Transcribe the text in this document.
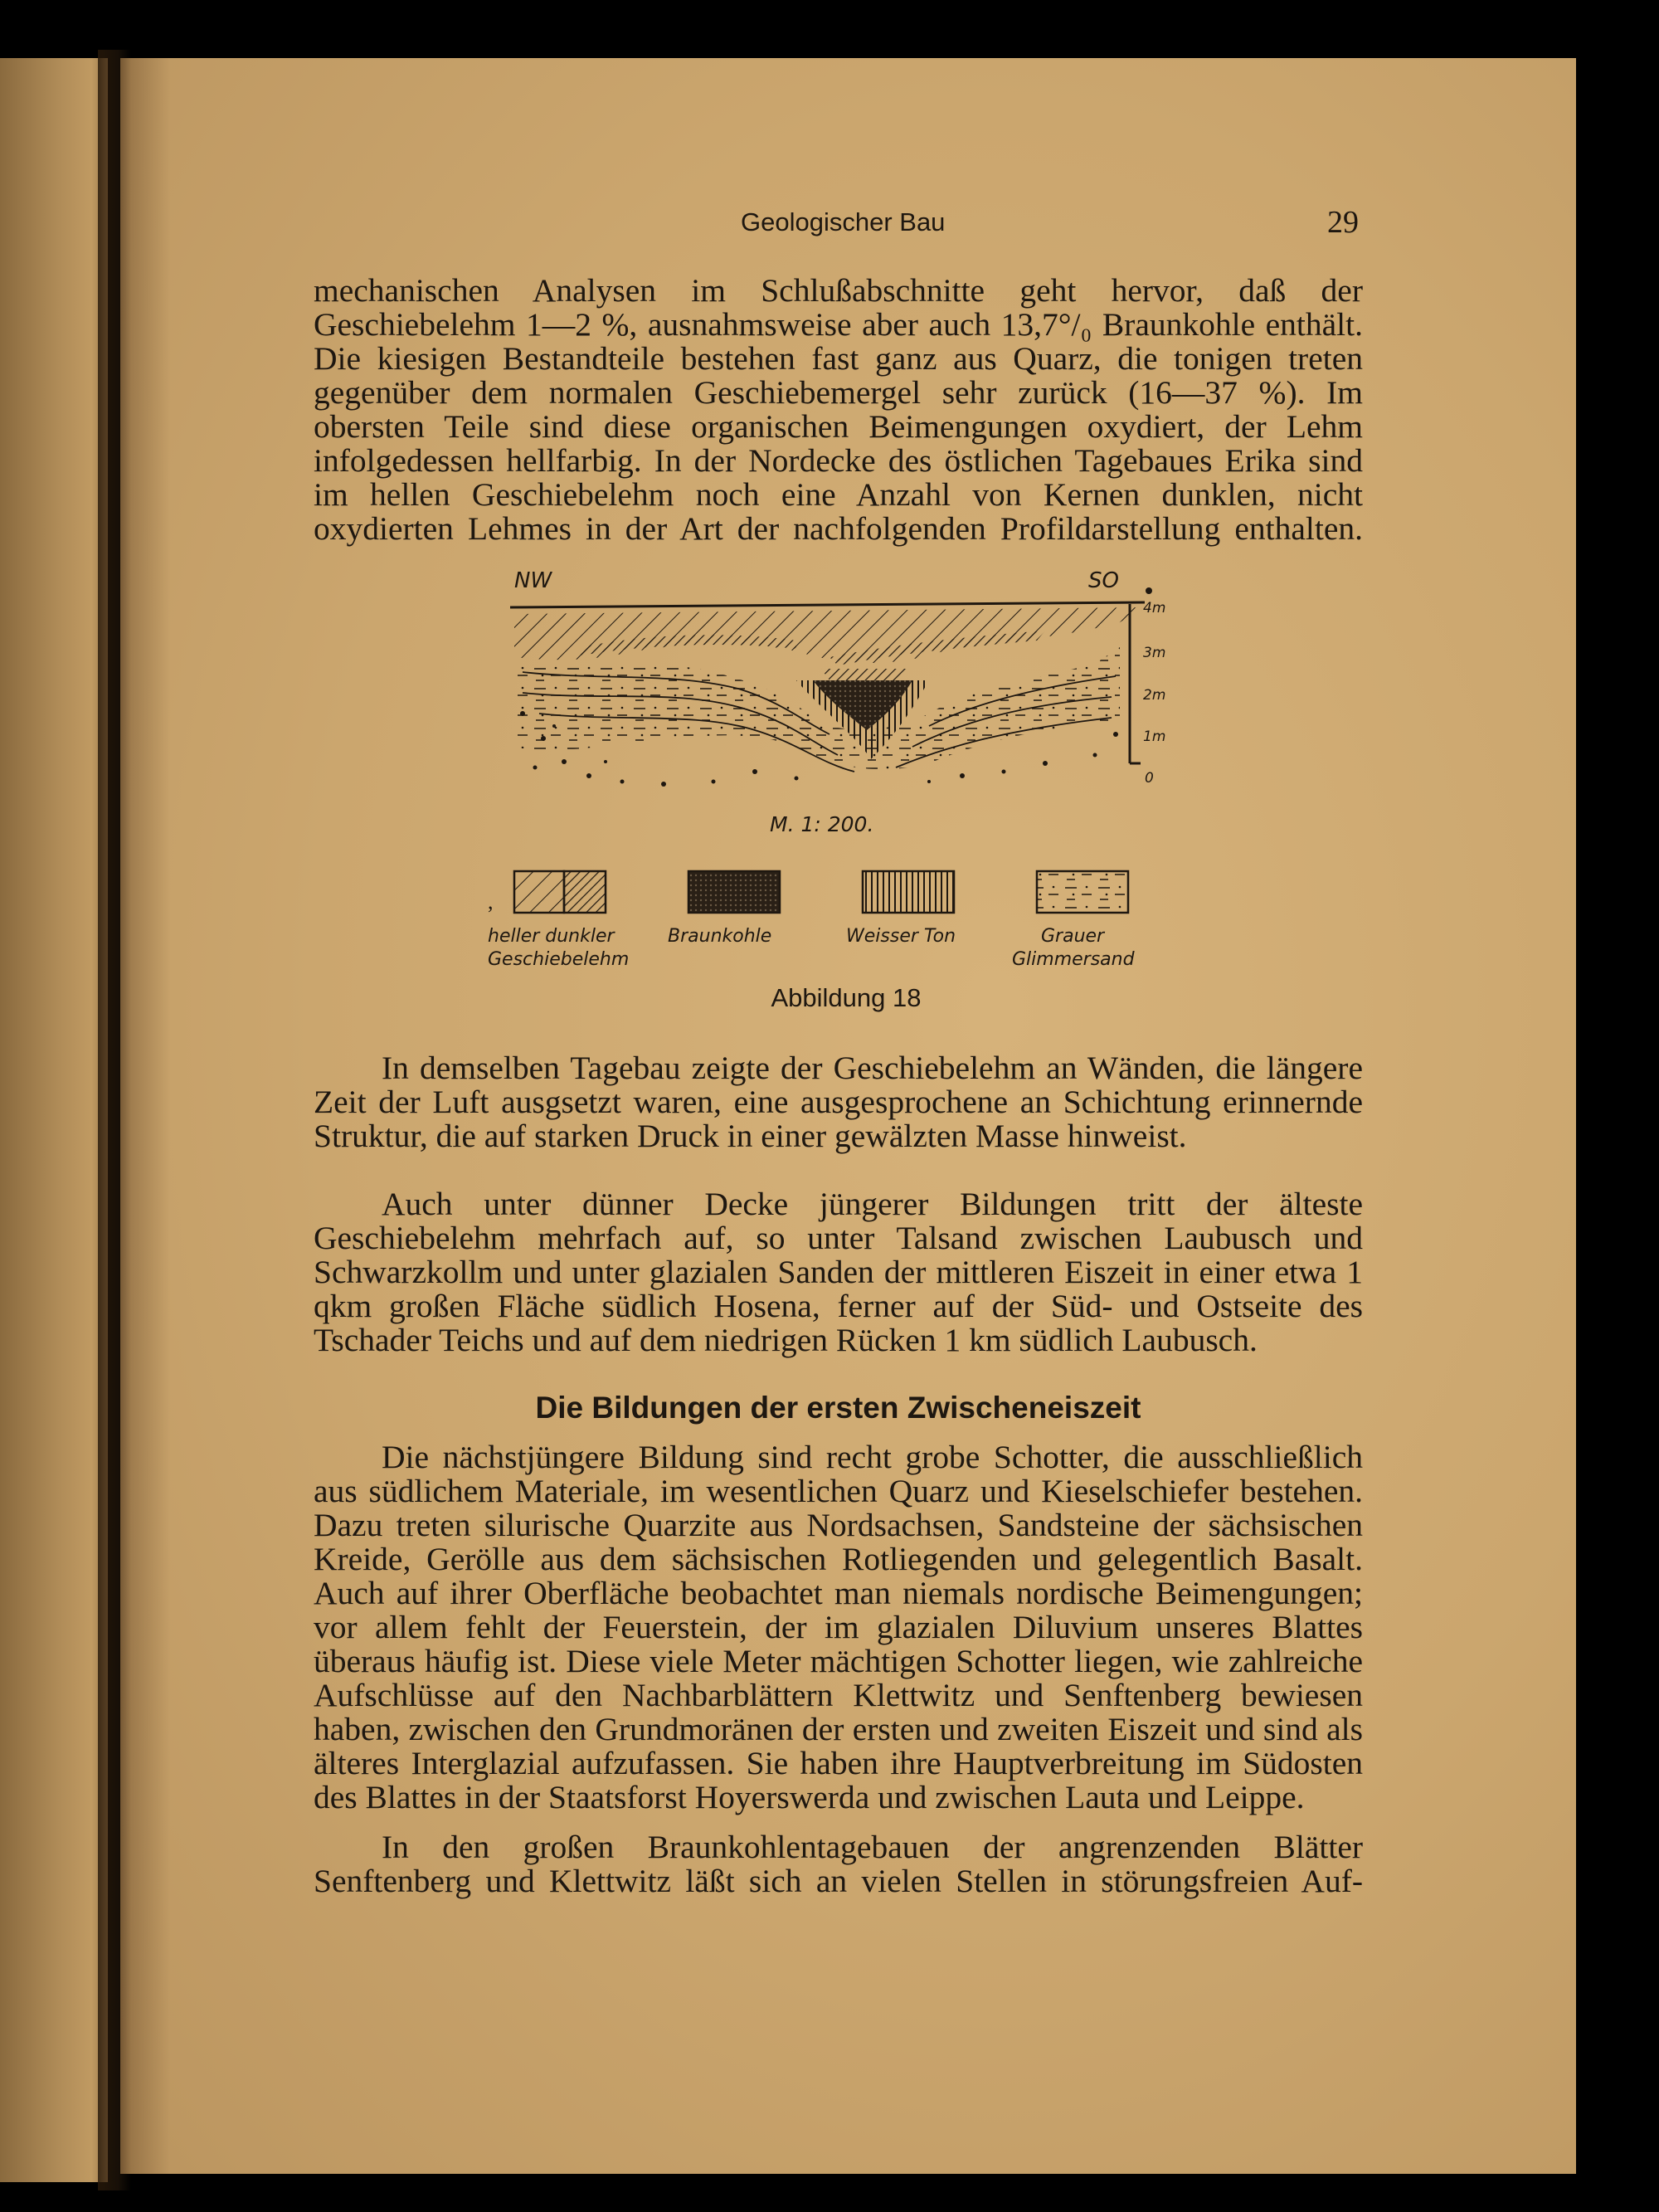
Geologischer Bau	29

mechanischen Analysen im Schlußabschnitte geht hervor, daß der Geschiebelehm 1—2 %, ausnahmsweise aber auch 13,7°/₀ Braunkohle enthält. Die kiesigen Bestandteile bestehen fast ganz aus Quarz, die tonigen treten gegenüber dem normalen Geschiebemergel sehr zurück (16—37 %). Im obersten Teile sind diese organischen Beimengungen oxydiert, der Lehm infolgedessen hellfarbig. In der Nordecke des östlichen Tagebaues Erika sind im hellen Geschiebelehm noch eine Anzahl von Kernen dunklen, nicht oxydierten Lehmes in der Art der nachfolgenden Profildarstellung enthalten.

NW	SO
4m
3m
2m
1m
0
M. 1: 200.
,
heller dunkler
Geschiebelehm
Braunkohle	Weisser Ton	Grauer
Glimmersand
Abbildung 18

In demselben Tagebau zeigte der Geschiebelehm an Wänden, die längere Zeit der Luft ausgsetzt waren, eine ausgesprochene an Schichtung erinnernde Struktur, die auf starken Druck in einer gewälzten Masse hinweist.

Auch unter dünner Decke jüngerer Bildungen tritt der älteste Geschiebelehm mehrfach auf, so unter Talsand zwischen Laubusch und Schwarzkollm und unter glazialen Sanden der mittleren Eiszeit in einer etwa 1 qkm großen Fläche südlich Hosena, ferner auf der Süd- und Ostseite des Tschader Teichs und auf dem niedrigen Rücken 1 km südlich Laubusch.

Die Bildungen der ersten Zwischeneiszeit

Die nächstjüngere Bildung sind recht grobe Schotter, die ausschließlich aus südlichem Materiale, im wesentlichen Quarz und Kieselschiefer bestehen. Dazu treten silurische Quarzite aus Nordsachsen, Sandsteine der sächsischen Kreide, Gerölle aus dem sächsischen Rotliegenden und gelegentlich Basalt. Auch auf ihrer Oberfläche beobachtet man niemals nordische Beimengungen; vor allem fehlt der Feuerstein, der im glazialen Diluvium unseres Blattes überaus häufig ist. Diese viele Meter mächtigen Schotter liegen, wie zahlreiche Aufschlüsse auf den Nachbarblättern Klettwitz und Senftenberg bewiesen haben, zwischen den Grundmoränen der ersten und zweiten Eiszeit und sind als älteres Interglazial aufzufassen. Sie haben ihre Hauptverbreitung im Südosten des Blattes in der Staatsforst Hoyerswerda und zwischen Lauta und Leippe.

In den großen Braunkohlentagebauen der angrenzenden Blätter Senftenberg und Klettwitz läßt sich an vielen Stellen in störungsfreien Auf-
